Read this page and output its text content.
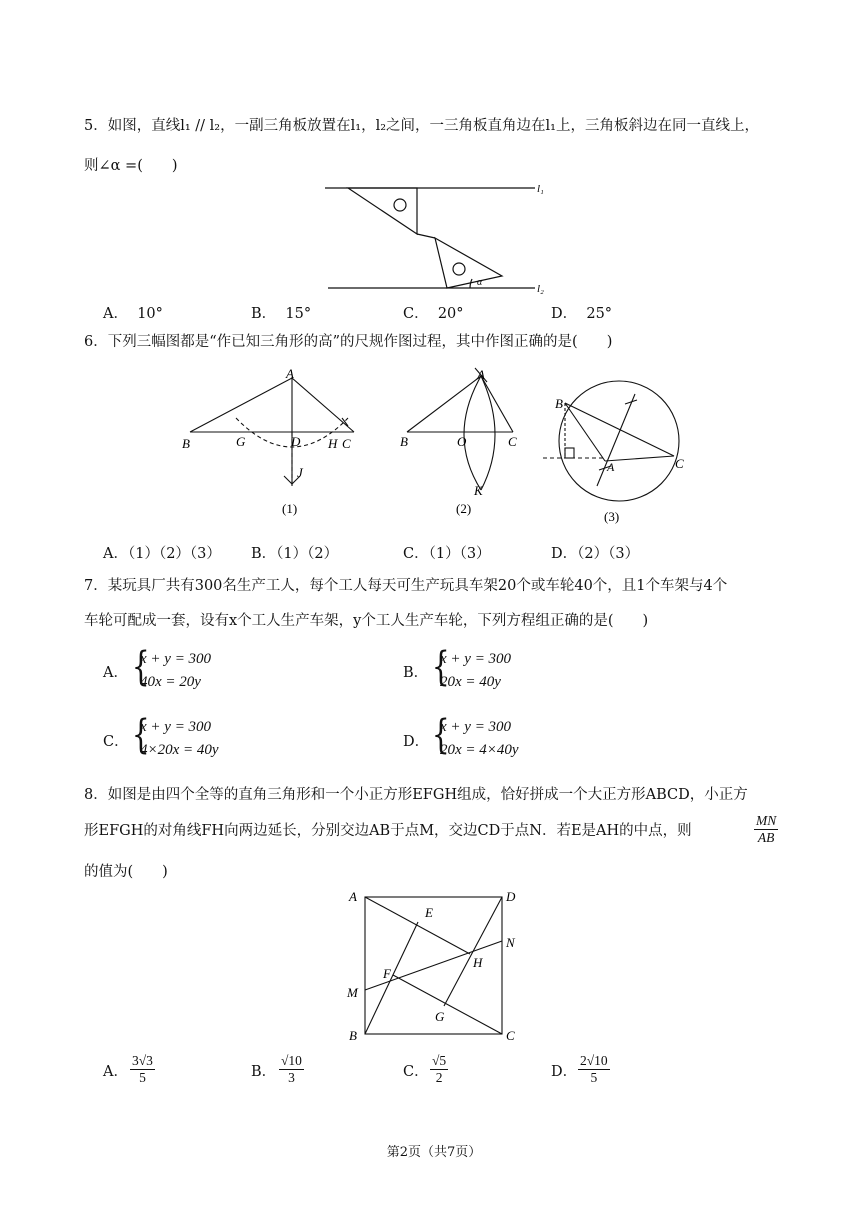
5．如图，直线l₁ // l₂，一副三角板放置在l₁，l₂之间，一三角板直角边在l₁上，三角板斜边在同一直线上，
则∠α =(　　)
l₁
l₂
α
A． 10°	B． 15°	C． 20°	D． 25°
6．下列三幅图都是“作已知三角形的高”的尺规作图过程，其中作图正确的是(　　)
B
A
G	D H C
J
(1)
B
A
O	C
K
(2)
B
A	C
(3)
A．（1）（2）（3） B．（1）（2）	C．（1）（3）	D．（2）（3）
7．某玩具厂共有300名生产工人，每个工人每天可生产玩具车架20个或车轮40个，且1个车架与4个
车轮可配成一套，设有x个工人生产车架，y个工人生产车轮，下列方程组正确的是(　　)
A． {
x + y = 300
40x = 20y
B． {
x + y = 300
20x = 40y
C． {
x + y = 300
4×20x = 40y	D． {
x + y = 300
20x = 4×40y
8．如图是由四个全等的直角三角形和一个小正方形EFGH组成，恰好拼成一个大正方形ABCD，小正方
形EFGH的对角线FH向两边延长，分别交边AB于点M，交边CD于点N．若E是AH的中点，则	$\frac{MN}{AB}$
的值为(　　)
A	D
E
N
H
F
M
G
B	C
A． $\frac{3√3}{5}$	B． $\frac{√10}{3}$	C． $\frac{√5}{2}$	D． $\frac{2√10}{5}$
第2页（共7页）
